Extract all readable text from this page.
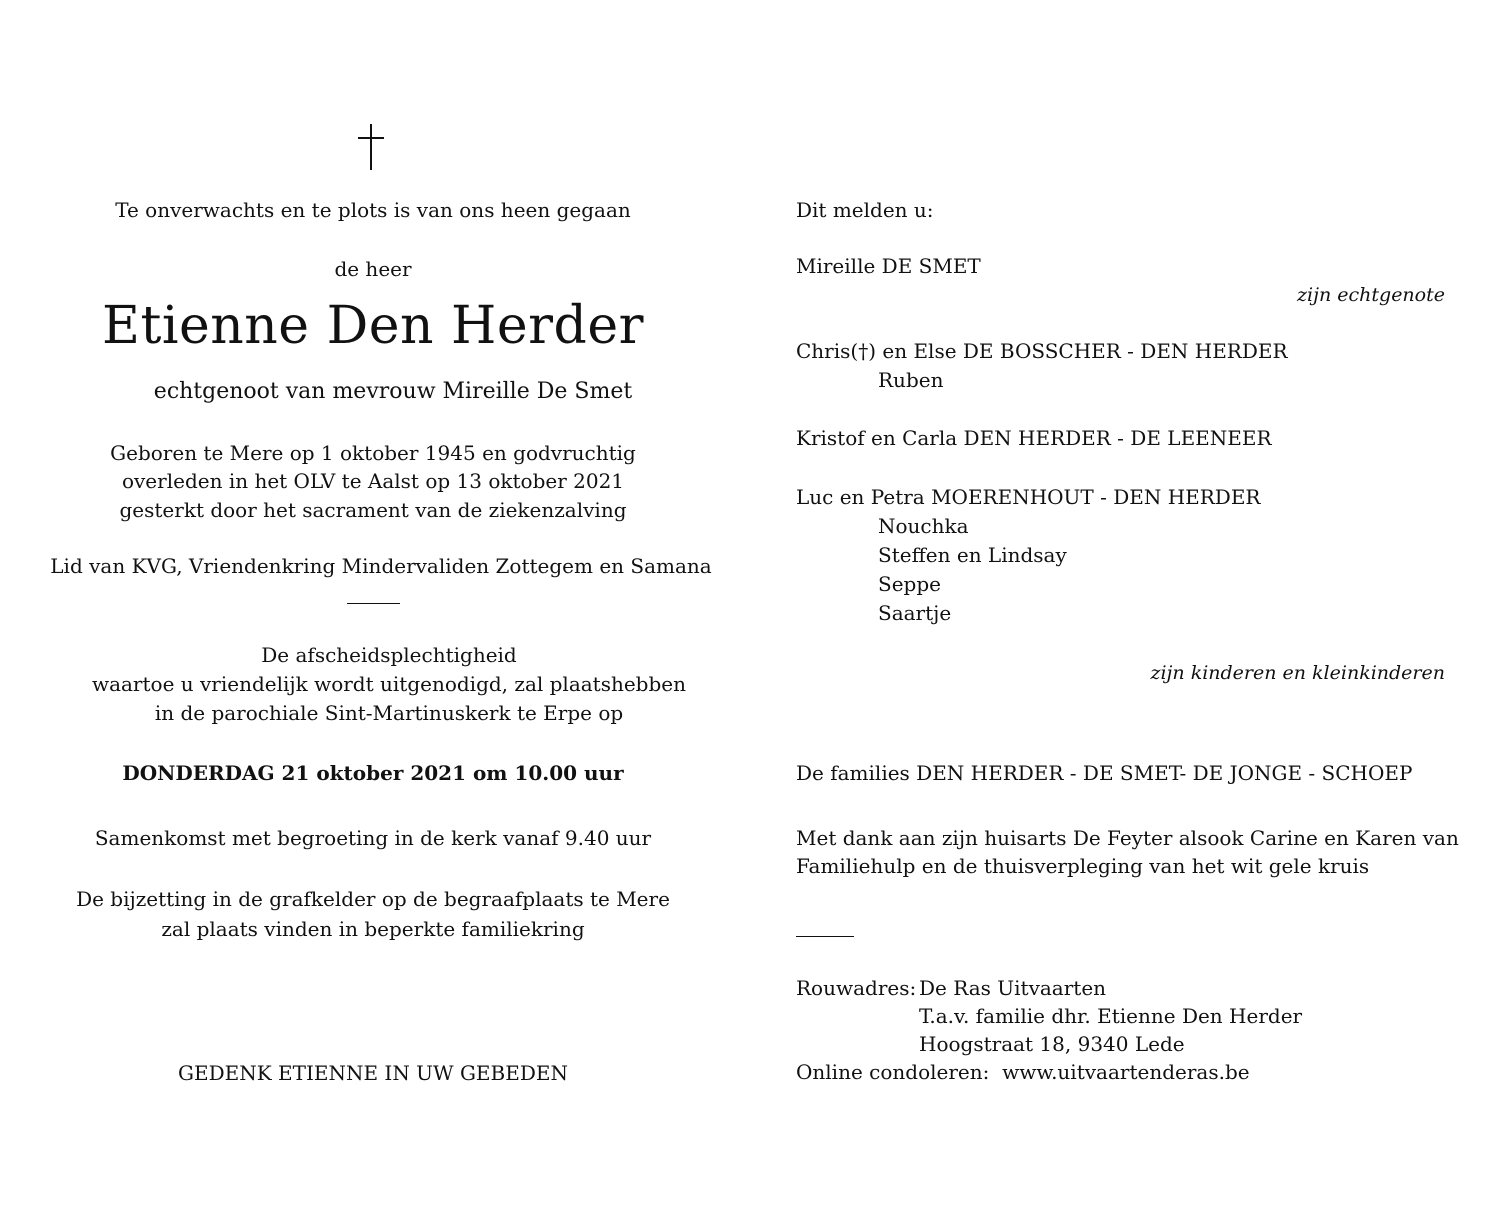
Te onverwachts en te plots is van ons heen gegaan
de heer
Etienne Den Herder
echtgenoot van mevrouw Mireille De Smet
Geboren te Mere op 1 oktober 1945 en godvruchtig
overleden in het OLV te Aalst op 13 oktober 2021
gesterkt door het sacrament van de ziekenzalving
Lid van KVG, Vriendenkring Mindervaliden Zottegem en Samana
De afscheidsplechtigheid
waartoe u vriendelijk wordt uitgenodigd, zal plaatshebben
in de parochiale Sint-Martinuskerk te Erpe op
DONDERDAG 21 oktober 2021 om 10.00 uur
Samenkomst met begroeting in de kerk vanaf 9.40 uur
De bijzetting in de grafkelder op de begraafplaats te Mere
zal plaats vinden in beperkte familiekring
GEDENK ETIENNE IN UW GEBEDEN
Dit melden u:
Mireille DE SMET
zijn echtgenote
Chris(†) en Else DE BOSSCHER - DEN HERDER
Ruben
Kristof en Carla DEN HERDER - DE LEENEER
Luc en Petra MOERENHOUT - DEN HERDER
Nouchka
Steffen en Lindsay
Seppe
Saartje
zijn kinderen en kleinkinderen
De families DEN HERDER - DE SMET- DE JONGE - SCHOEP
Met dank aan zijn huisarts De Feyter alsook Carine en Karen van
Familiehulp en de thuisverpleging van het wit gele kruis
Rouwadres: De Ras Uitvaarten
T.a.v. familie dhr. Etienne Den Herder
Hoogstraat 18, 9340 Lede
Online condoleren: www.uitvaartenderas.be
